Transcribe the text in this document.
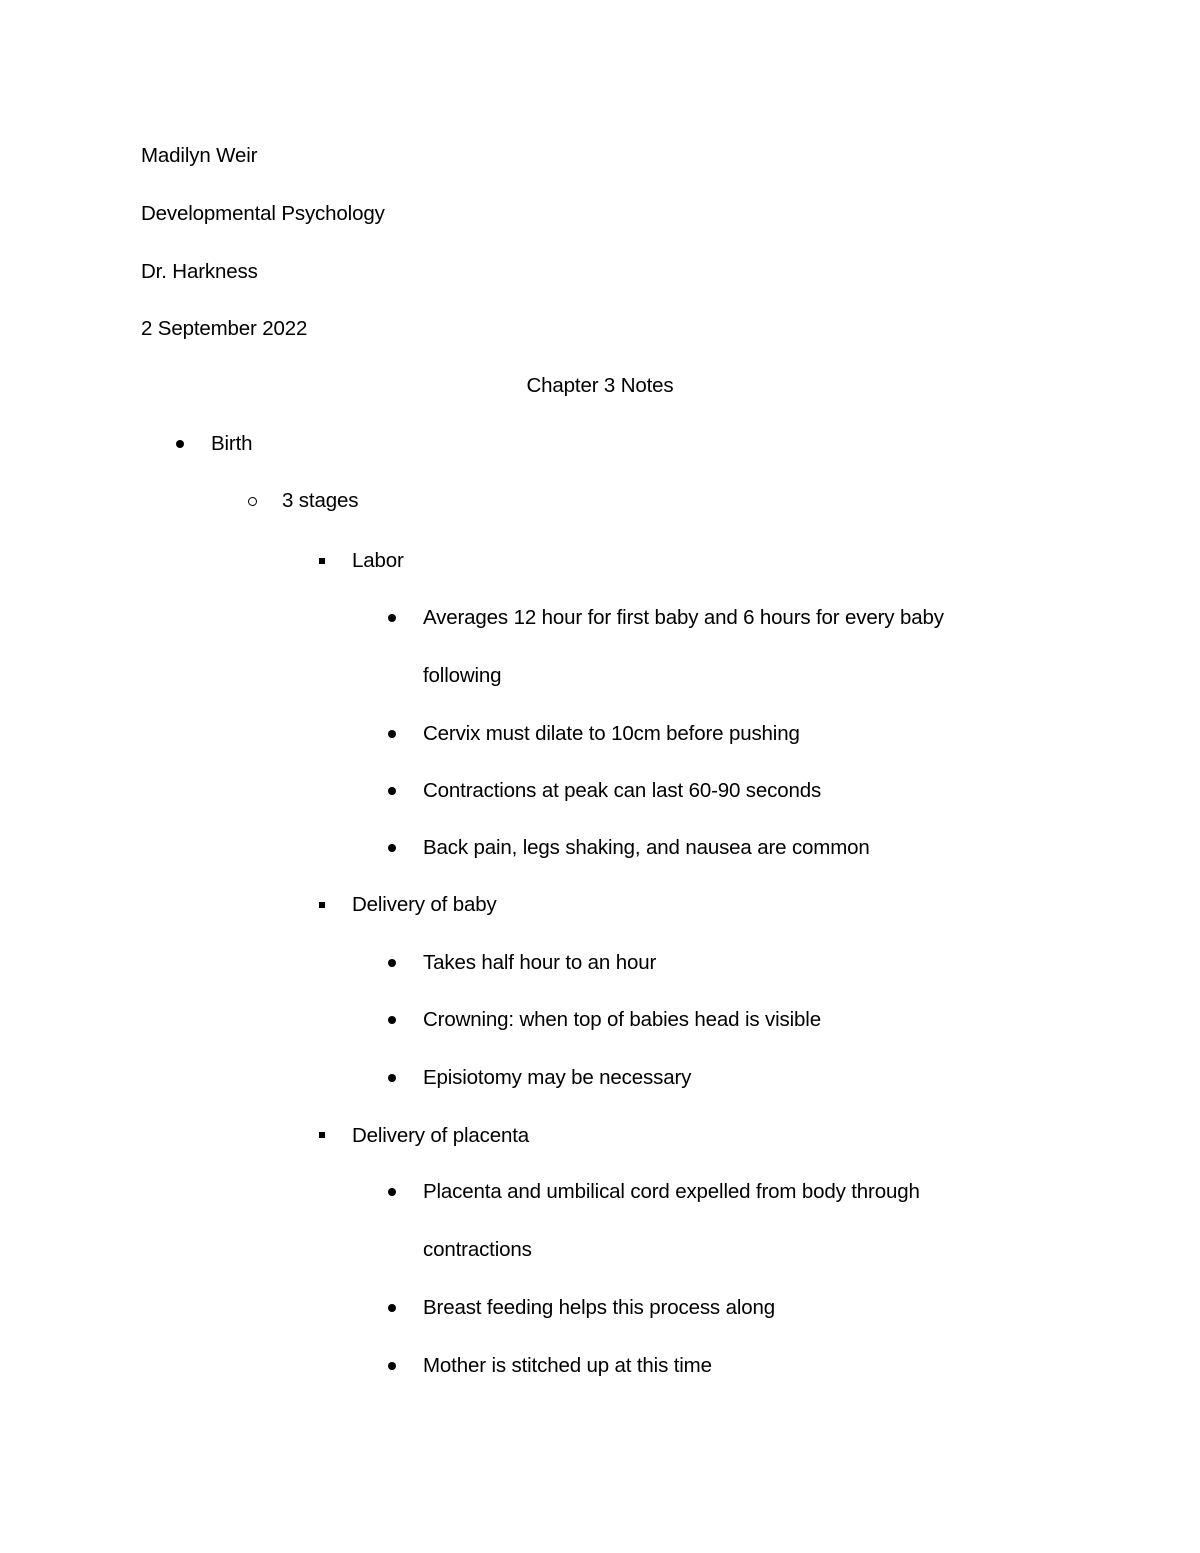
Madilyn Weir
Developmental Psychology
Dr. Harkness
2 September 2022
Chapter 3 Notes
Birth
3 stages
Labor
Averages 12 hour for first baby and 6 hours for every baby
following
Cervix must dilate to 10cm before pushing
Contractions at peak can last 60-90 seconds
Back pain, legs shaking, and nausea are common
Delivery of baby
Takes half hour to an hour
Crowning: when top of babies head is visible
Episiotomy may be necessary
Delivery of placenta
Placenta and umbilical cord expelled from body through
contractions
Breast feeding helps this process along
Mother is stitched up at this time
